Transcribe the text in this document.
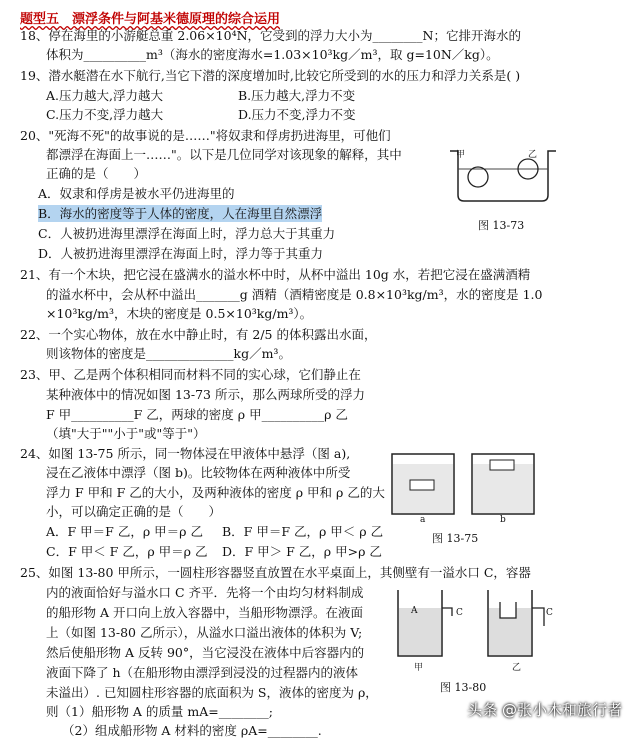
题型五　漂浮条件与阿基米德原理的综合运用
18、停在海里的小游艇总重 2.06×10⁴N，它受到的浮力大小为________N；它排开海水的
体积为__________m³（海水的密度海水=1.03×10³kg／m³，取 g=10N／kg）。
19、潜水艇潜在水下航行,当它下潜的深度增加时,比较它所受到的水的压力和浮力关系是( )
A.压力越大,浮力越大	B.压力越大,浮力不变
C.压力不变,浮力越大	D.压力不变,浮力不变
20、"死海不死"的故事说的是……"将奴隶和俘虏扔进海里，可他们
都漂浮在海面上一……"。以下是几位同学对该现象的解释，其中
正确的是（　　）
A．奴隶和俘虏是被水平仍进海里的
B．海水的密度等于人体的密度，人在海里自然漂浮
C．人被扔进海里漂浮在海面上时，浮力总大于其重力
D．人被扔进海里漂浮在海面上时，浮力等于其重力
21、有一个木块，把它浸在盛满水的溢水杯中时，从杯中溢出 10g 水，若把它浸在盛满酒精
的溢水杯中，会从杯中溢出_______g 酒精（酒精密度是 0.8×10³kg/m³，水的密度是 1.0
×10³kg/m³，木块的密度是 0.5×10³kg/m³）。
22、一个实心物体，放在水中静止时，有 2/5 的体积露出水面，
则该物体的密度是______________kg／m³。
23、甲、乙是两个体积相同而材料不同的实心球，它们静止在
某种液体中的情况如图 13-73 所示，那么两球所受的浮力
F 甲__________F 乙，两球的密度 ρ 甲__________ρ 乙
（填"大于""小于"或"等于"）
24、如图 13-75 所示，同一物体浸在甲液体中悬浮（图 a),
浸在乙液体中漂浮（图 b)。比较物体在两种液体中所受
浮力 F 甲和 F 乙的大小，及两种液体的密度 ρ 甲和 ρ 乙的大
小，可以确定正确的是（　　）
A．F 甲＝F 乙，ρ 甲＝ρ 乙 B．F 甲＝F 乙，ρ 甲＜ ρ 乙
C．F 甲＜ F 乙，ρ 甲＝ρ 乙 D．F 甲＞ F 乙，ρ 甲>ρ 乙
25、如图 13-80 甲所示，一圆柱形容器竖直放置在水平桌面上，其侧壁有一溢水口 C，容器
内的液面恰好与溢水口 C 齐平．先将一个由均匀材料制成
的船形物 A 开口向上放入容器中，当船形物漂浮。在液面
上（如图 13-80 乙所示），从溢水口溢出液体的体积为 V;
然后使船形物 A 反转 90°，当它浸没在液体中后容器内的
液面下降了 h（在船形物由漂浮到浸没的过程器内的液体
未溢出）. 已知圆柱形容器的底面积为 S，液体的密度为 ρ，
则（1）船形物 A 的质量 mA=________;
（2）组成船形物 A 材料的密度 ρA=________.
甲	乙
图 13-73
a	b
图 13-75
A	C	C
甲	乙
图 13-80
头条 @张小木和旅行者
